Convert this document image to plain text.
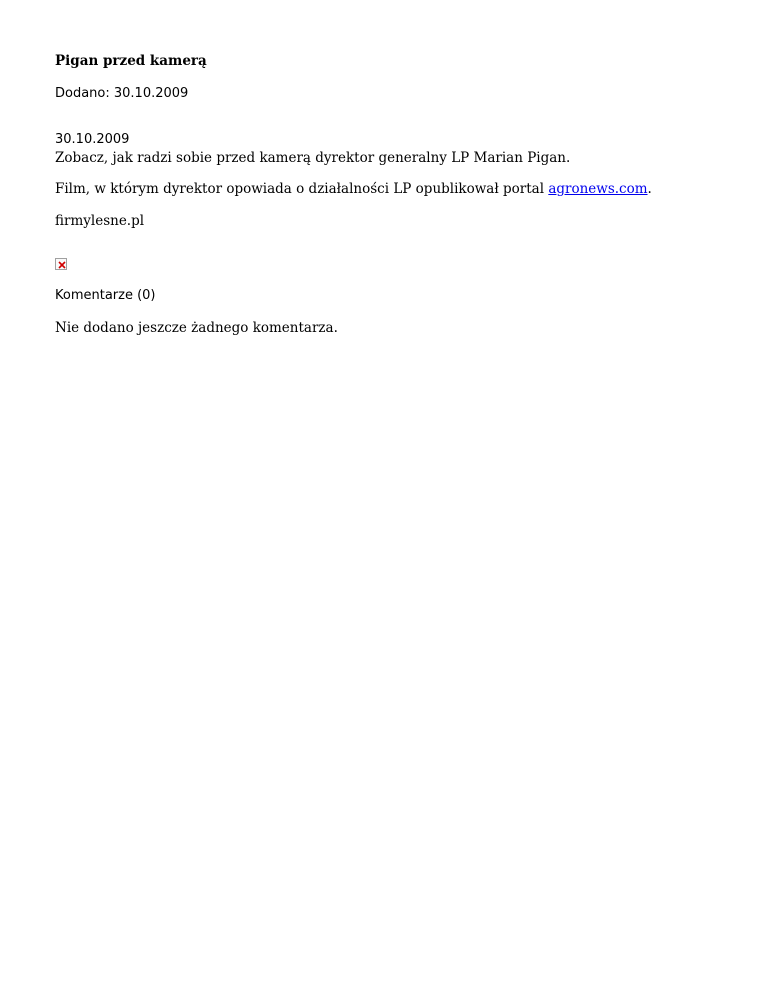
Pigan przed kamerą
Dodano: 30.10.2009
30.10.2009
Zobacz, jak radzi sobie przed kamerą dyrektor generalny LP Marian Pigan.
Film, w którym dyrektor opowiada o działalności LP opublikował portal agronews.com.
firmylesne.pl
Komentarze (0)
Nie dodano jeszcze żadnego komentarza.
